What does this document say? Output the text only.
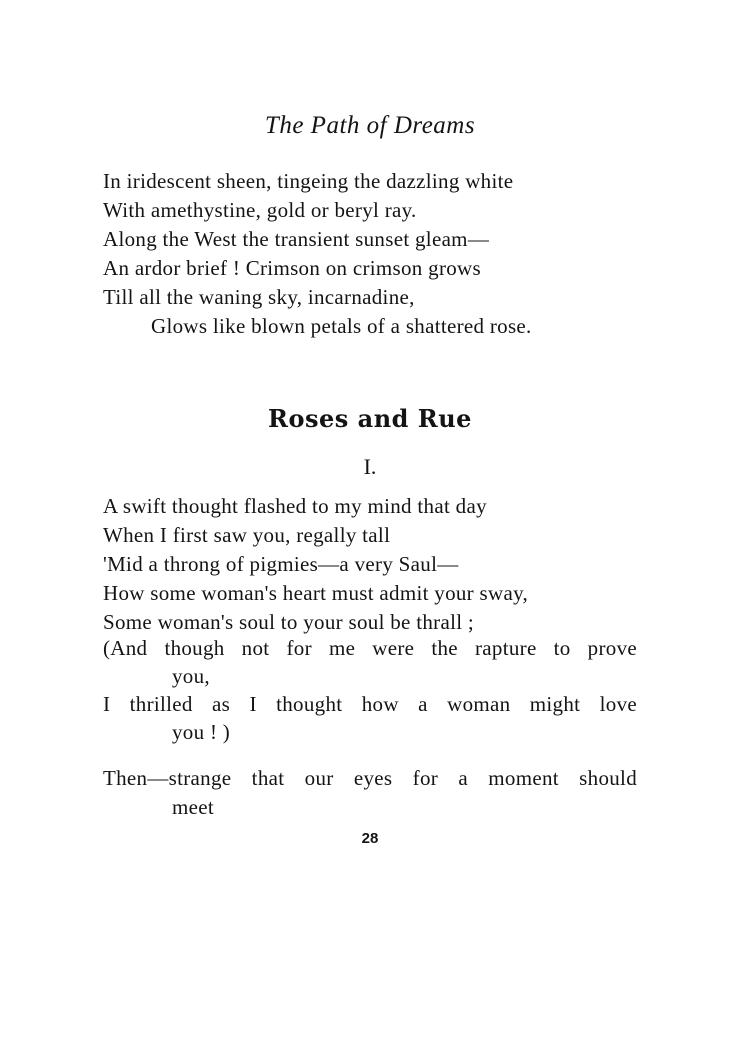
The Path of Dreams
In iridescent sheen, tingeing the dazzling white
With amethystine, gold or beryl ray.
Along the West the transient sunset gleam—
An ardor brief ! Crimson on crimson grows
Till all the waning sky, incarnadine,
Glows like blown petals of a shattered rose.
Roses and Rue
I.
A swift thought flashed to my mind that day
When I first saw you, regally tall
'Mid a throng of pigmies—a very Saul—
How some woman's heart must admit your sway,
Some woman's soul to your soul be thrall ;
(And though not for me were the rapture to prove
you,
I thrilled as I thought how a woman might love
you ! )
Then—strange that our eyes for a moment should
meet
28
